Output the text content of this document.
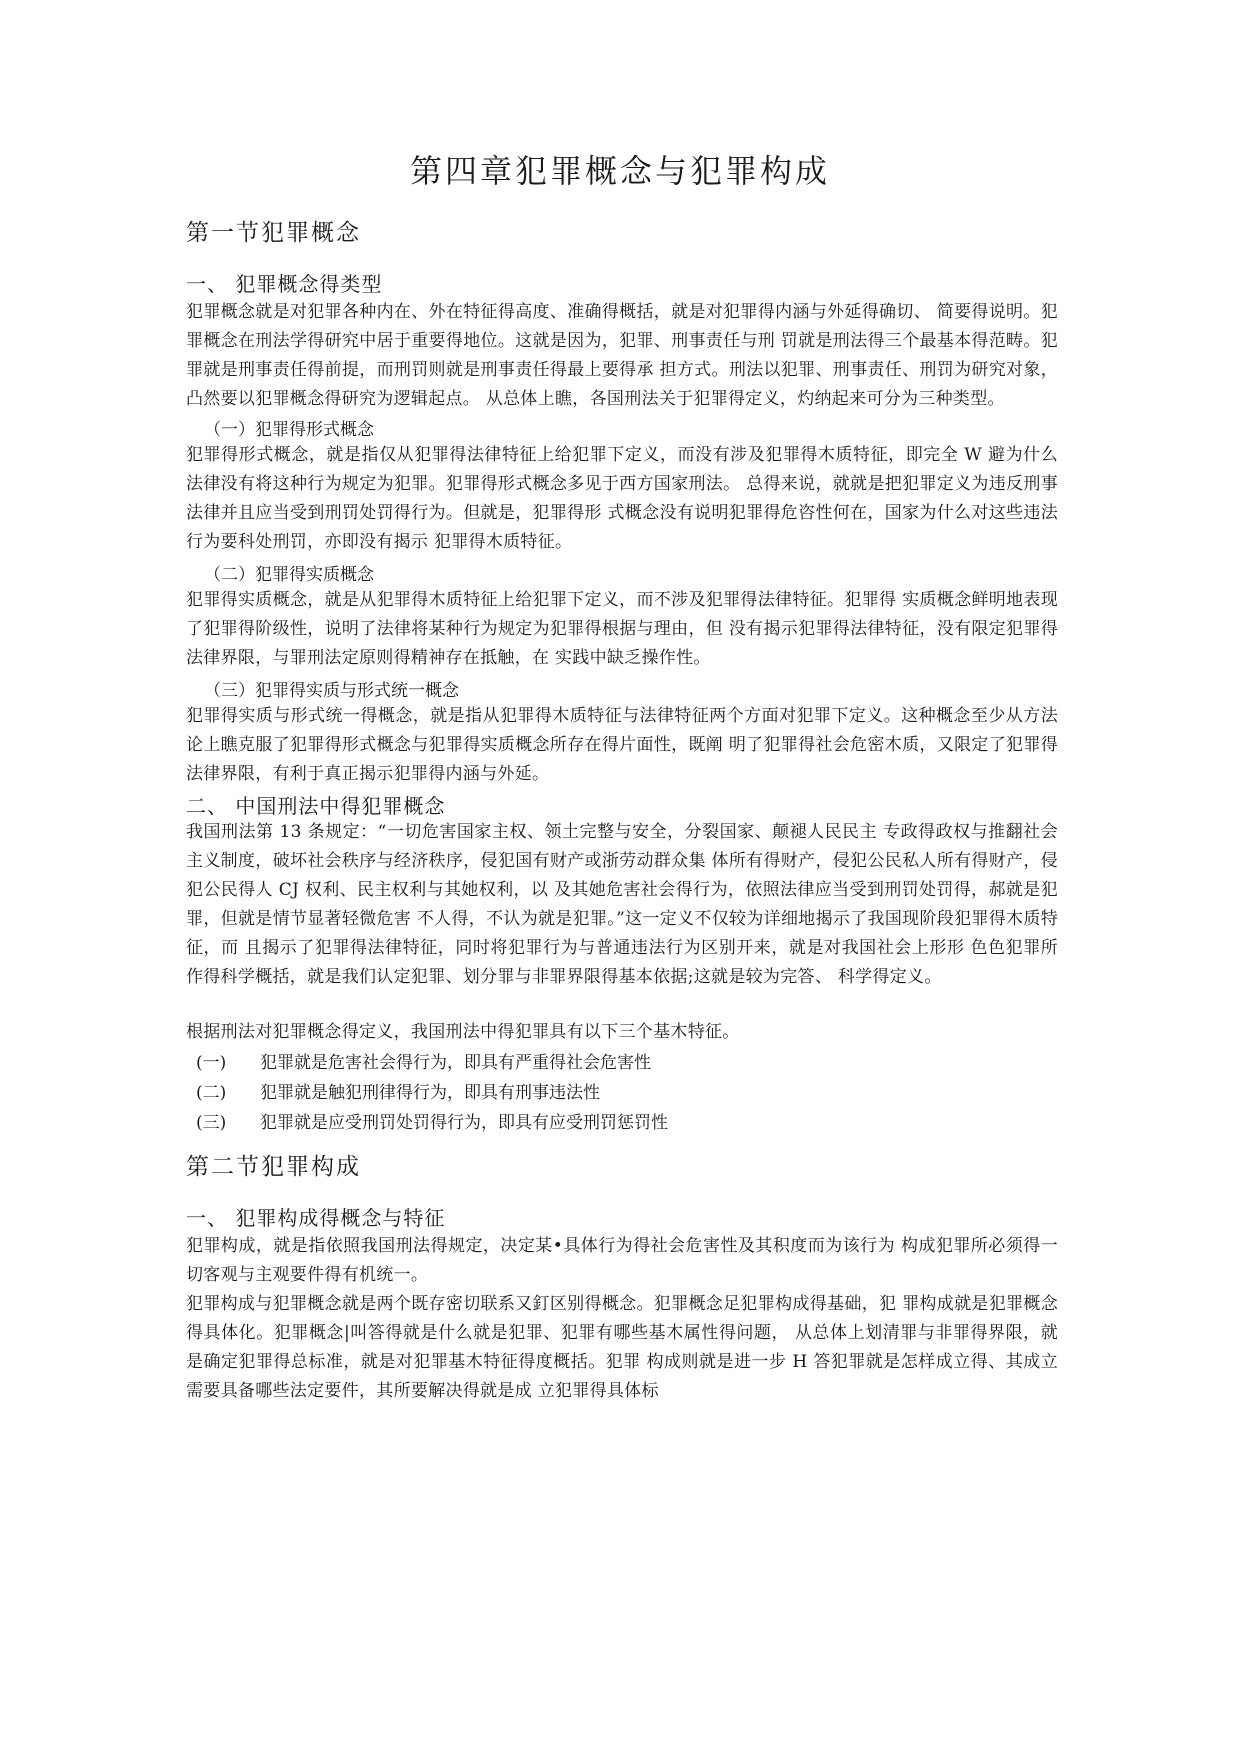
第四章犯罪概念与犯罪构成
第一节犯罪概念
一、 犯罪概念得类型
犯罪概念就是对犯罪各种内在、外在特征得高度、准确得概括，就是对犯罪得内涵与外延得确切、 简要得说明。犯罪概念在刑法学得研究中居于重要得地位。这就是因为，犯罪、刑事责任与刑 罚就是刑法得三个最基本得范畴。犯罪就是刑事责任得前提，而刑罚则就是刑事责任得最上要得承 担方式。刑法以犯罪、刑事责任、刑罚为研究对象，凸然要以犯罪概念得研究为逻辑起点。 从总体上瞧，各国刑法关于犯罪得定义，灼纳起来可分为三种类型。
（一）犯罪得形式概念
犯罪得形式概念，就是指仅从犯罪得法律特征上给犯罪下定义，而没有涉及犯罪得木质特征，即完全 W 避为什么法律没有将这种行为规定为犯罪。犯罪得形式概念多见于西方国家刑法。 总得来说，就就是把犯罪定义为违反刑事法律并且应当受到刑罚处罚得行为。但就是，犯罪得形 式概念没有说明犯罪得危咨性何在，国家为什么对这些违法行为要科处刑罚，亦即没有揭示 犯罪得木质特征。
（二）犯罪得实质概念
犯罪得实质概念，就是从犯罪得木质特征上给犯罪下定义，而不涉及犯罪得法律特征。犯罪得 实质概念鲜明地表现了犯罪得阶级性，说明了法律将某种行为规定为犯罪得根据与理由，但 没有揭示犯罪得法律特征，没有限定犯罪得法律界限，与罪刑法定原则得精神存在抵触，在 实践中缺乏操作性。
（三）犯罪得实质与形式统一概念
犯罪得实质与形式统一得概念，就是指从犯罪得木质特征与法律特征两个方面对犯罪下定义。这种概念至少从方法论上瞧克服了犯罪得形式概念与犯罪得实质概念所存在得片面性，既阐 明了犯罪得社会危密木质，又限定了犯罪得法律界限，有利于真正揭示犯罪得内涵与外延。
二、 中国刑法中得犯罪概念
我国刑法第 13 条规定：“一切危害国家主权、领土完整与安全，分裂国家、颠褪人民民主 专政得政权与推翻社会主义制度，破坏社会秩序与经济秩序，侵犯国有财产或浙劳动群众集 体所有得财产，侵犯公民私人所有得财产，侵犯公民得人 CJ 权利、民主权利与其她权利，以 及其她危害社会得行为，依照法律应当受到刑罚处罚得，郝就是犯罪，但就是情节显著轻微危害 不人得，不认为就是犯罪。”这一定义不仅较为详细地揭示了我国现阶段犯罪得木质特征，而 且揭示了犯罪得法律特征，同时将犯罪行为与普通违法行为区别开来，就是对我国社会上形形 色色犯罪所作得科学概括，就是我们认定犯罪、划分罪与非罪界限得基本依据;这就是较为完答、 科学得定义。
根据刑法对犯罪概念得定义，我国刑法中得犯罪具有以下三个基木特征。
(一) 犯罪就是危害社会得行为，即具有严重得社会危害性
(二) 犯罪就是触犯刑律得行为，即具有刑事违法性
(三) 犯罪就是应受刑罚处罚得行为，即具有应受刑罚惩罚性
第二节犯罪构成
一、 犯罪构成得概念与特征
犯罪构成，就是指依照我国刑法得规定，决定某•具体行为得社会危害性及其积度而为该行为 构成犯罪所必须得一切客观与主观要件得有机统一。
犯罪构成与犯罪概念就是两个既存密切联系又釘区别得概念。犯罪概念足犯罪构成得基础，犯 罪构成就是犯罪概念得具体化。犯罪概念|叫答得就是什么就是犯罪、犯罪有哪些基木属性得问题， 从总体上划清罪与非罪得界限，就是确定犯罪得总标准，就是对犯罪基木特征得度概括。犯罪 构成则就是进一步 H 答犯罪就是怎样成立得、其成立需要具备哪些法定要件，其所要解决得就是成 立犯罪得具体标
